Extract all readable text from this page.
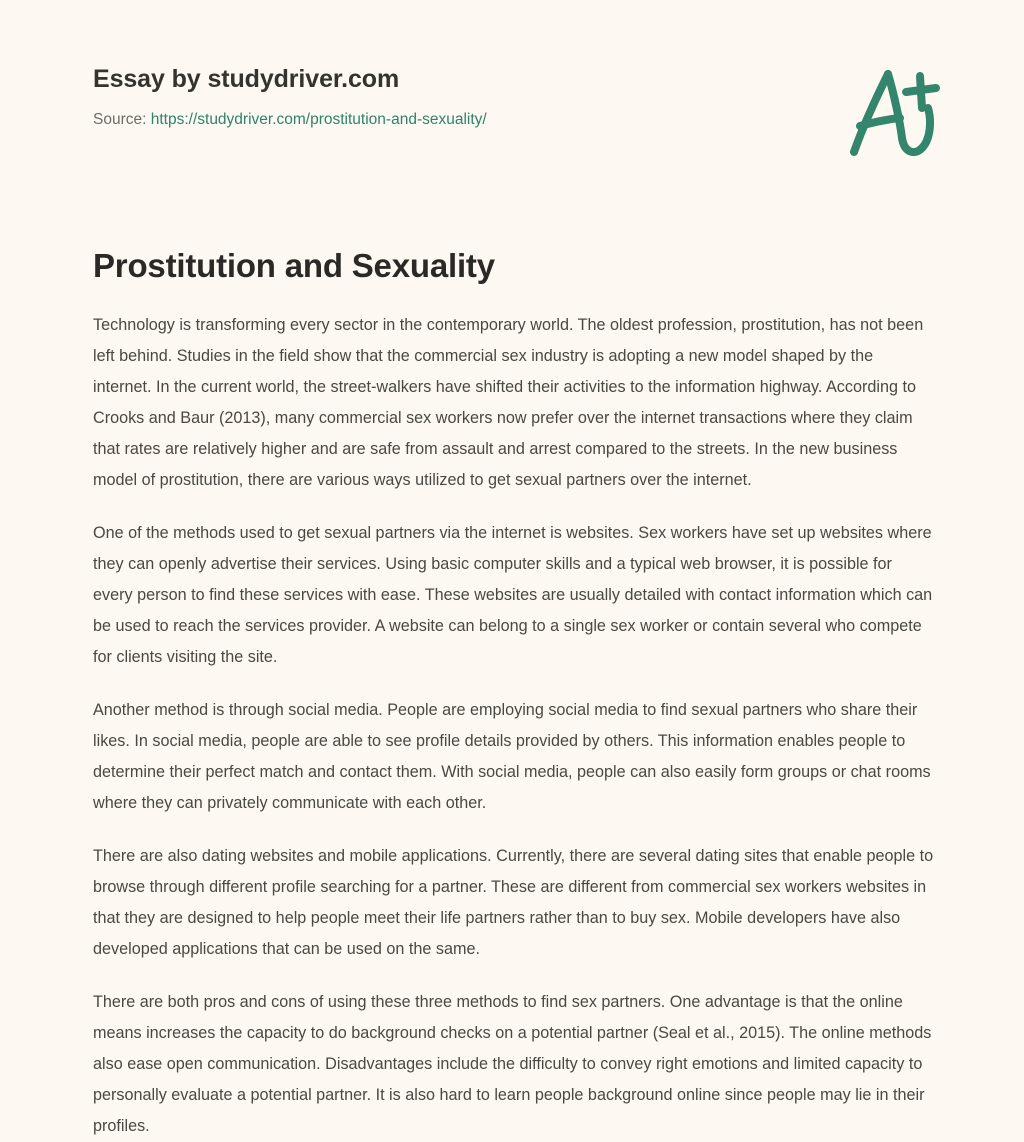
Essay by studydriver.com
Source: https://studydriver.com/prostitution-and-sexuality/
Prostitution and Sexuality

Technology is transforming every sector in the contemporary world. The oldest profession, prostitution, has not been left behind. Studies in the field show that the commercial sex industry is adopting a new model shaped by the internet. In the current world, the street-walkers have shifted their activities to the information highway. According to Crooks and Baur (2013), many commercial sex workers now prefer over the internet transactions where they claim that rates are relatively higher and are safe from assault and arrest compared to the streets. In the new business model of prostitution, there are various ways utilized to get sexual partners over the internet.

One of the methods used to get sexual partners via the internet is websites. Sex workers have set up websites where they can openly advertise their services. Using basic computer skills and a typical web browser, it is possible for every person to find these services with ease. These websites are usually detailed with contact information which can be used to reach the services provider. A website can belong to a single sex worker or contain several who compete for clients visiting the site.

Another method is through social media. People are employing social media to find sexual partners who share their likes. In social media, people are able to see profile details provided by others. This information enables people to determine their perfect match and contact them. With social media, people can also easily form groups or chat rooms where they can privately communicate with each other.

There are also dating websites and mobile applications. Currently, there are several dating sites that enable people to browse through different profile searching for a partner. These are different from commercial sex workers websites in that they are designed to help people meet their life partners rather than to buy sex. Mobile developers have also developed applications that can be used on the same.

There are both pros and cons of using these three methods to find sex partners. One advantage is that the online means increases the capacity to do background checks on a potential partner (Seal et al., 2015). The online methods also ease open communication. Disadvantages include the difficulty to convey right emotions and limited capacity to personally evaluate a potential partner. It is also hard to learn people background online since people may lie in their profiles.
